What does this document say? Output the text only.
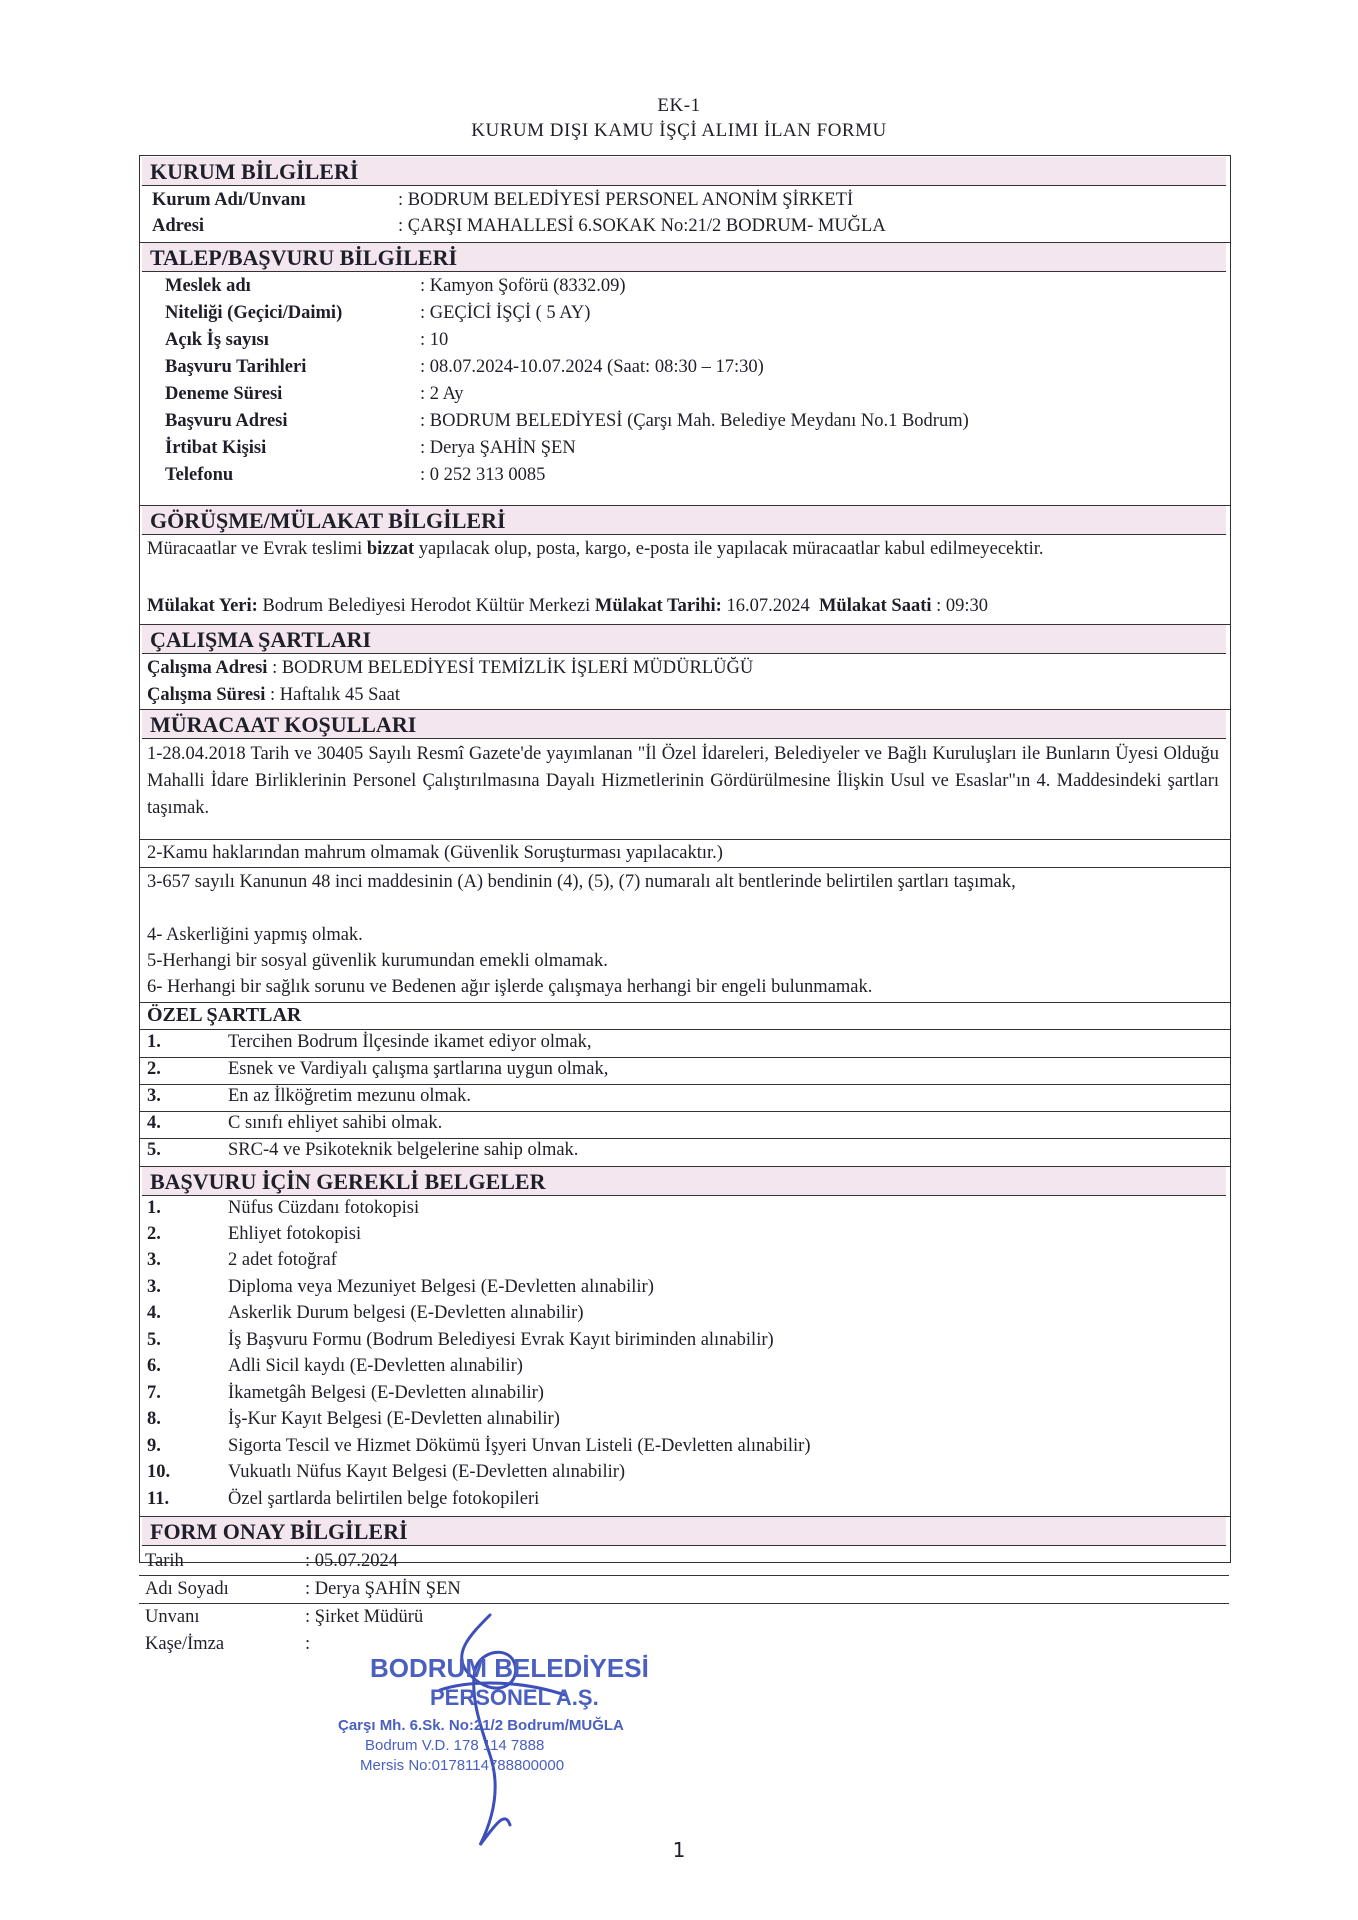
EK-1
KURUM DIŞI KAMU İŞÇİ ALIMI İLAN FORMU
KURUM BİLGİLERİ
Kurum Adı/Unvanı	: BODRUM BELEDİYESİ PERSONEL ANONİM ŞİRKETİ
Adresi	: ÇARŞI MAHALLESİ 6.SOKAK No:21/2 BODRUM- MUĞLA
TALEP/BAŞVURU BİLGİLERİ
Meslek adı	: Kamyon Şoförü (8332.09)
Niteliği (Geçici/Daimi)	: GEÇİCİ İŞÇİ ( 5 AY)
Açık İş sayısı	: 10
Başvuru Tarihleri	: 08.07.2024-10.07.2024 (Saat: 08:30 – 17:30)
Deneme Süresi	: 2 Ay
Başvuru Adresi	: BODRUM BELEDİYESİ (Çarşı Mah. Belediye Meydanı No.1 Bodrum)
İrtibat Kişisi	: Derya ŞAHİN ŞEN
Telefonu	: 0 252 313 0085
GÖRÜŞME/MÜLAKAT BİLGİLERİ
Müracaatlar ve Evrak teslimi bizzat yapılacak olup, posta, kargo, e-posta ile yapılacak müracaatlar kabul edilmeyecektir.
Mülakat Yeri: Bodrum Belediyesi Herodot Kültür Merkezi Mülakat Tarihi: 16.07.2024  Mülakat Saati : 09:30
ÇALIŞMA ŞARTLARI
Çalışma Adresi : BODRUM BELEDİYESİ TEMİZLİK İŞLERİ MÜDÜRLÜĞÜ
Çalışma Süresi : Haftalık 45 Saat
MÜRACAAT KOŞULLARI
1-28.04.2018 Tarih ve 30405 Sayılı Resmî Gazete'de yayımlanan "İl Özel İdareleri, Belediyeler ve Bağlı Kuruluşları ile Bunların Üyesi Olduğu Mahalli İdare Birliklerinin Personel Çalıştırılmasına Dayalı Hizmetlerinin Gördürülmesine İlişkin Usul ve Esaslar"ın 4. Maddesindeki şartları taşımak.
2-Kamu haklarından mahrum olmamak (Güvenlik Soruşturması yapılacaktır.)
3-657 sayılı Kanunun 48 inci maddesinin (A) bendinin (4), (5), (7) numaralı alt bentlerinde belirtilen şartları taşımak,
4- Askerliğini yapmış olmak.
5-Herhangi bir sosyal güvenlik kurumundan emekli olmamak.
6- Herhangi bir sağlık sorunu ve Bedenen ağır işlerde çalışmaya herhangi bir engeli bulunmamak.
ÖZEL ŞARTLAR
1.	Tercihen Bodrum İlçesinde ikamet ediyor olmak,
2.	Esnek ve Vardiyalı çalışma şartlarına uygun olmak,
3.	En az İlköğretim mezunu olmak.
4.	C sınıfı ehliyet sahibi olmak.
5.	SRC-4 ve Psikoteknik belgelerine sahip olmak.
BAŞVURU İÇİN GEREKLİ BELGELER
1.	Nüfus Cüzdanı fotokopisi
2.	Ehliyet fotokopisi
3.	2 adet fotoğraf
3.	Diploma veya Mezuniyet Belgesi (E-Devletten alınabilir)
4.	Askerlik Durum belgesi (E-Devletten alınabilir)
5.	İş Başvuru Formu (Bodrum Belediyesi Evrak Kayıt biriminden alınabilir)
6.	Adli Sicil kaydı (E-Devletten alınabilir)
7.	İkametgâh Belgesi (E-Devletten alınabilir)
8.	İş-Kur Kayıt Belgesi (E-Devletten alınabilir)
9.	Sigorta Tescil ve Hizmet Dökümü İşyeri Unvan Listeli (E-Devletten alınabilir)
10.	Vukuatlı Nüfus Kayıt Belgesi (E-Devletten alınabilir)
11.	Özel şartlarda belirtilen belge fotokopileri
FORM ONAY BİLGİLERİ
Tarih	: 05.07.2024
Adı Soyadı	: Derya ŞAHİN ŞEN
Unvanı	: Şirket Müdürü
Kaşe/İmza	:
BODRUM BELEDİYESİ
PERSONEL A.Ş.
Çarşı Mh. 6.Sk. No:21/2 Bodrum/MUĞLA
Bodrum V.D. 178 114 7888
Mersis No:0178114788800000
1
